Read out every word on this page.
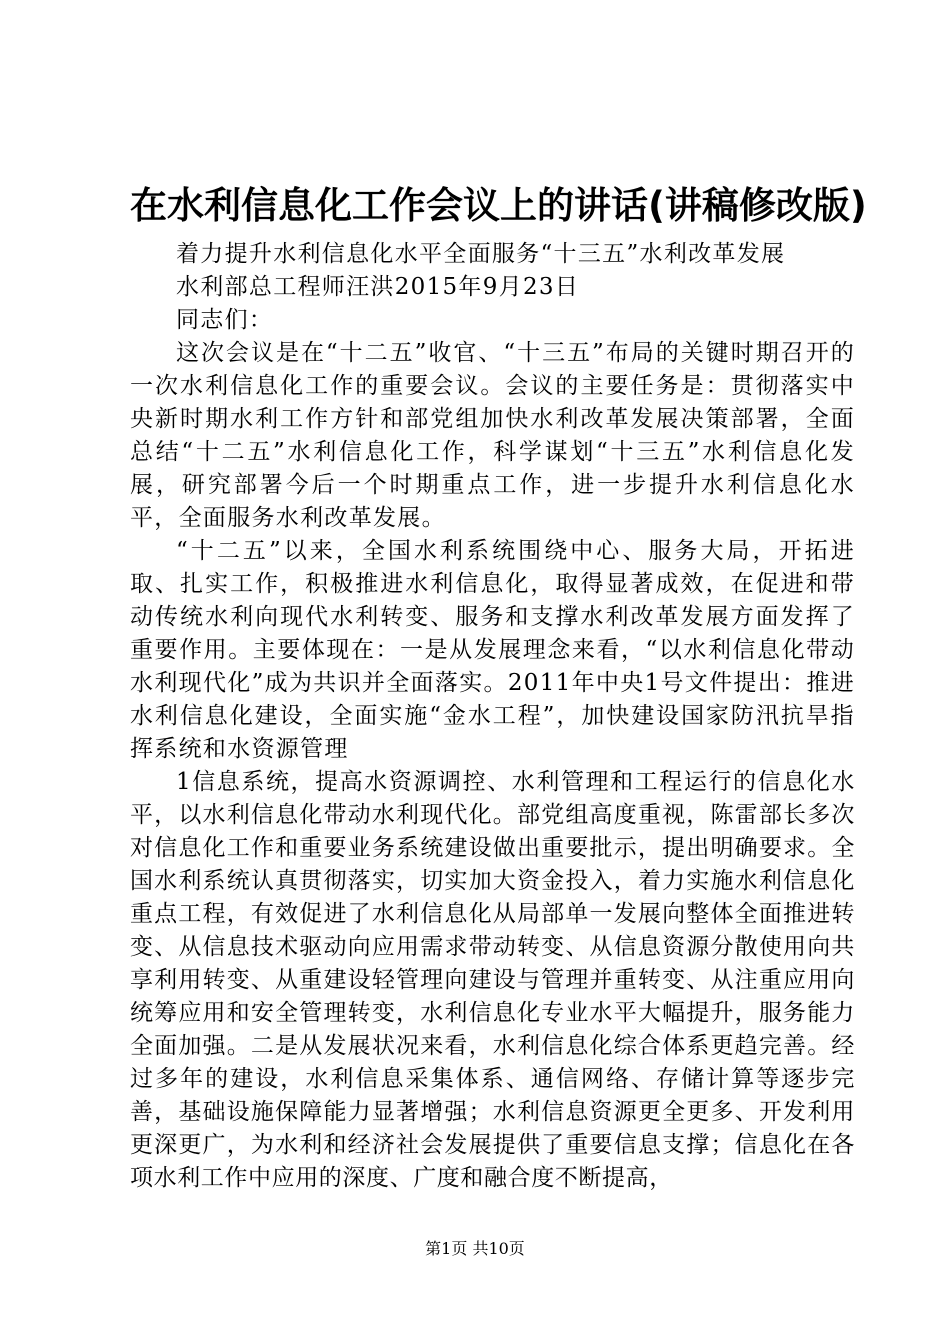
在水利信息化工作会议上的讲话(讲稿修改版)

着力提升水利信息化水平全面服务“十三五”水利改革发展

水利部总工程师汪洪2015年9月23日

同志们：

这次会议是在“十二五”收官、“十三五”布局的关键时期召开的一次水利信息化工作的重要会议。会议的主要任务是：贯彻落实中央新时期水利工作方针和部党组加快水利改革发展决策部署，全面总结“十二五”水利信息化工作，科学谋划“十三五”水利信息化发展，研究部署今后一个时期重点工作，进一步提升水利信息化水平，全面服务水利改革发展。

“十二五”以来，全国水利系统围绕中心、服务大局，开拓进取、扎实工作，积极推进水利信息化，取得显著成效，在促进和带动传统水利向现代水利转变、服务和支撑水利改革发展方面发挥了重要作用。主要体现在：一是从发展理念来看，“以水利信息化带动水利现代化”成为共识并全面落实。2011年中央1号文件提出：推进水利信息化建设，全面实施“金水工程”，加快建设国家防汛抗旱指挥系统和水资源管理

1信息系统，提高水资源调控、水利管理和工程运行的信息化水平，以水利信息化带动水利现代化。部党组高度重视，陈雷部长多次对信息化工作和重要业务系统建设做出重要批示，提出明确要求。全国水利系统认真贯彻落实，切实加大资金投入，着力实施水利信息化重点工程，有效促进了水利信息化从局部单一发展向整体全面推进转变、从信息技术驱动向应用需求带动转变、从信息资源分散使用向共享利用转变、从重建设轻管理向建设与管理并重转变、从注重应用向统筹应用和安全管理转变，水利信息化专业水平大幅提升，服务能力全面加强。二是从发展状况来看，水利信息化综合体系更趋完善。经过多年的建设，水利信息采集体系、通信网络、存储计算等逐步完善，基础设施保障能力显著增强；水利信息资源更全更多、开发利用更深更广，为水利和经济社会发展提供了重要信息支撑；信息化在各项水利工作中应用的深度、广度和融合度不断提高，

第1页 共10页
